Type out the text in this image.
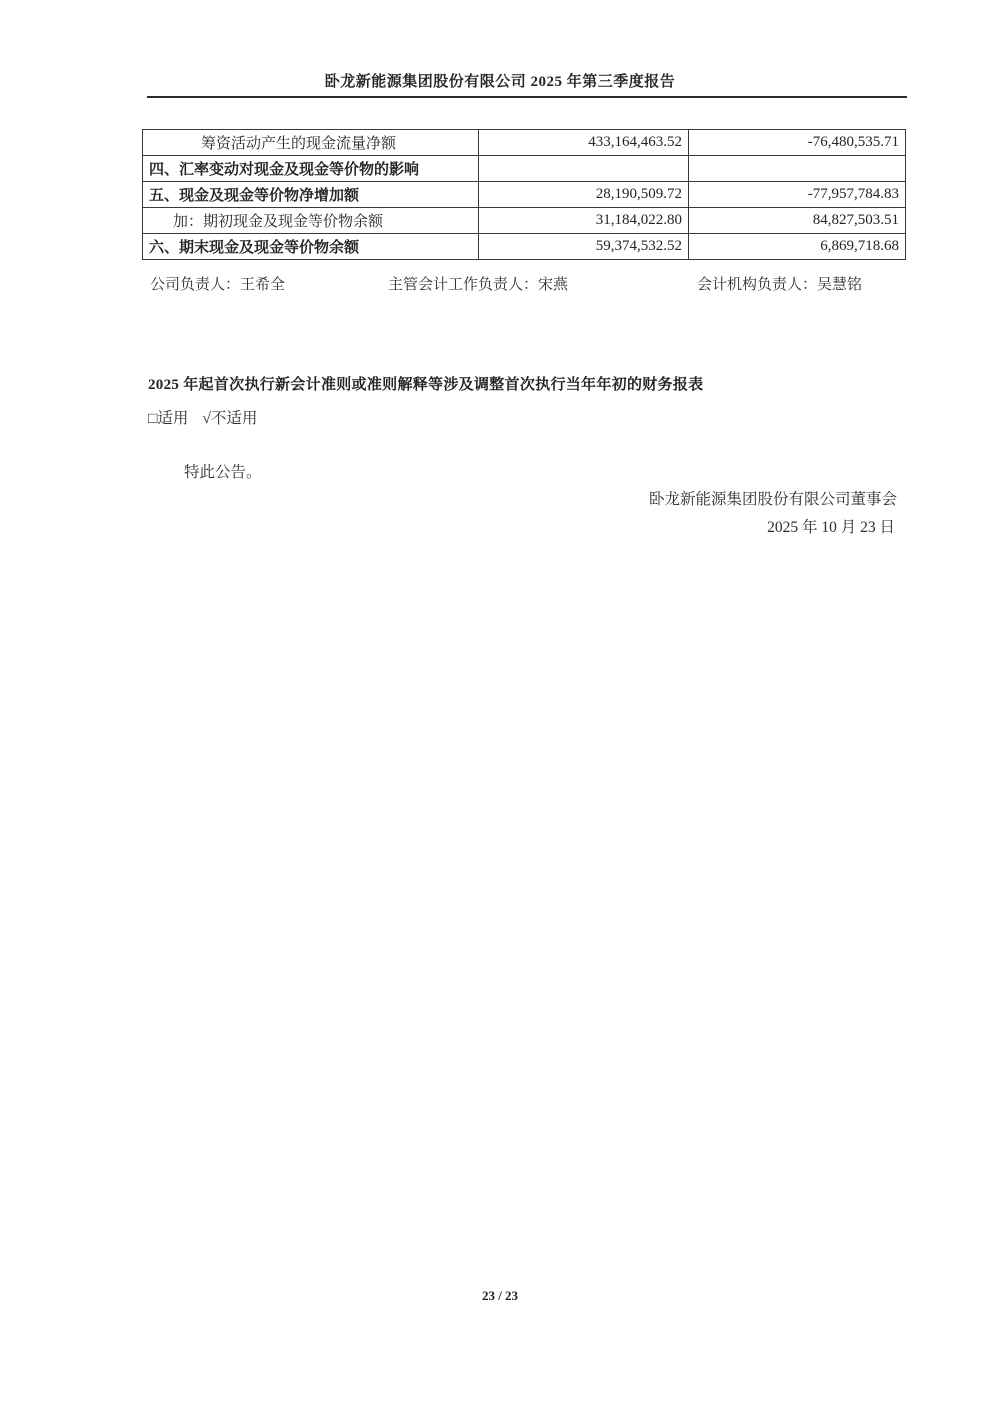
卧龙新能源集团股份有限公司 2025 年第三季度报告
筹资活动产生的现金流量净额	433,164,463.52	-76,480,535.71
四、汇率变动对现金及现金等价物的影响		
五、现金及现金等价物净增加额	28,190,509.72	-77,957,784.83
加：期初现金及现金等价物余额	31,184,022.80	84,827,503.51
六、期末现金及现金等价物余额	59,374,532.52	6,869,718.68
公司负责人：王希全	主管会计工作负责人：宋燕	会计机构负责人：吴慧铭
2025 年起首次执行新会计准则或准则解释等涉及调整首次执行当年年初的财务报表
□适用 √不适用
特此公告。
卧龙新能源集团股份有限公司董事会
2025 年 10 月 23 日
23 / 23
